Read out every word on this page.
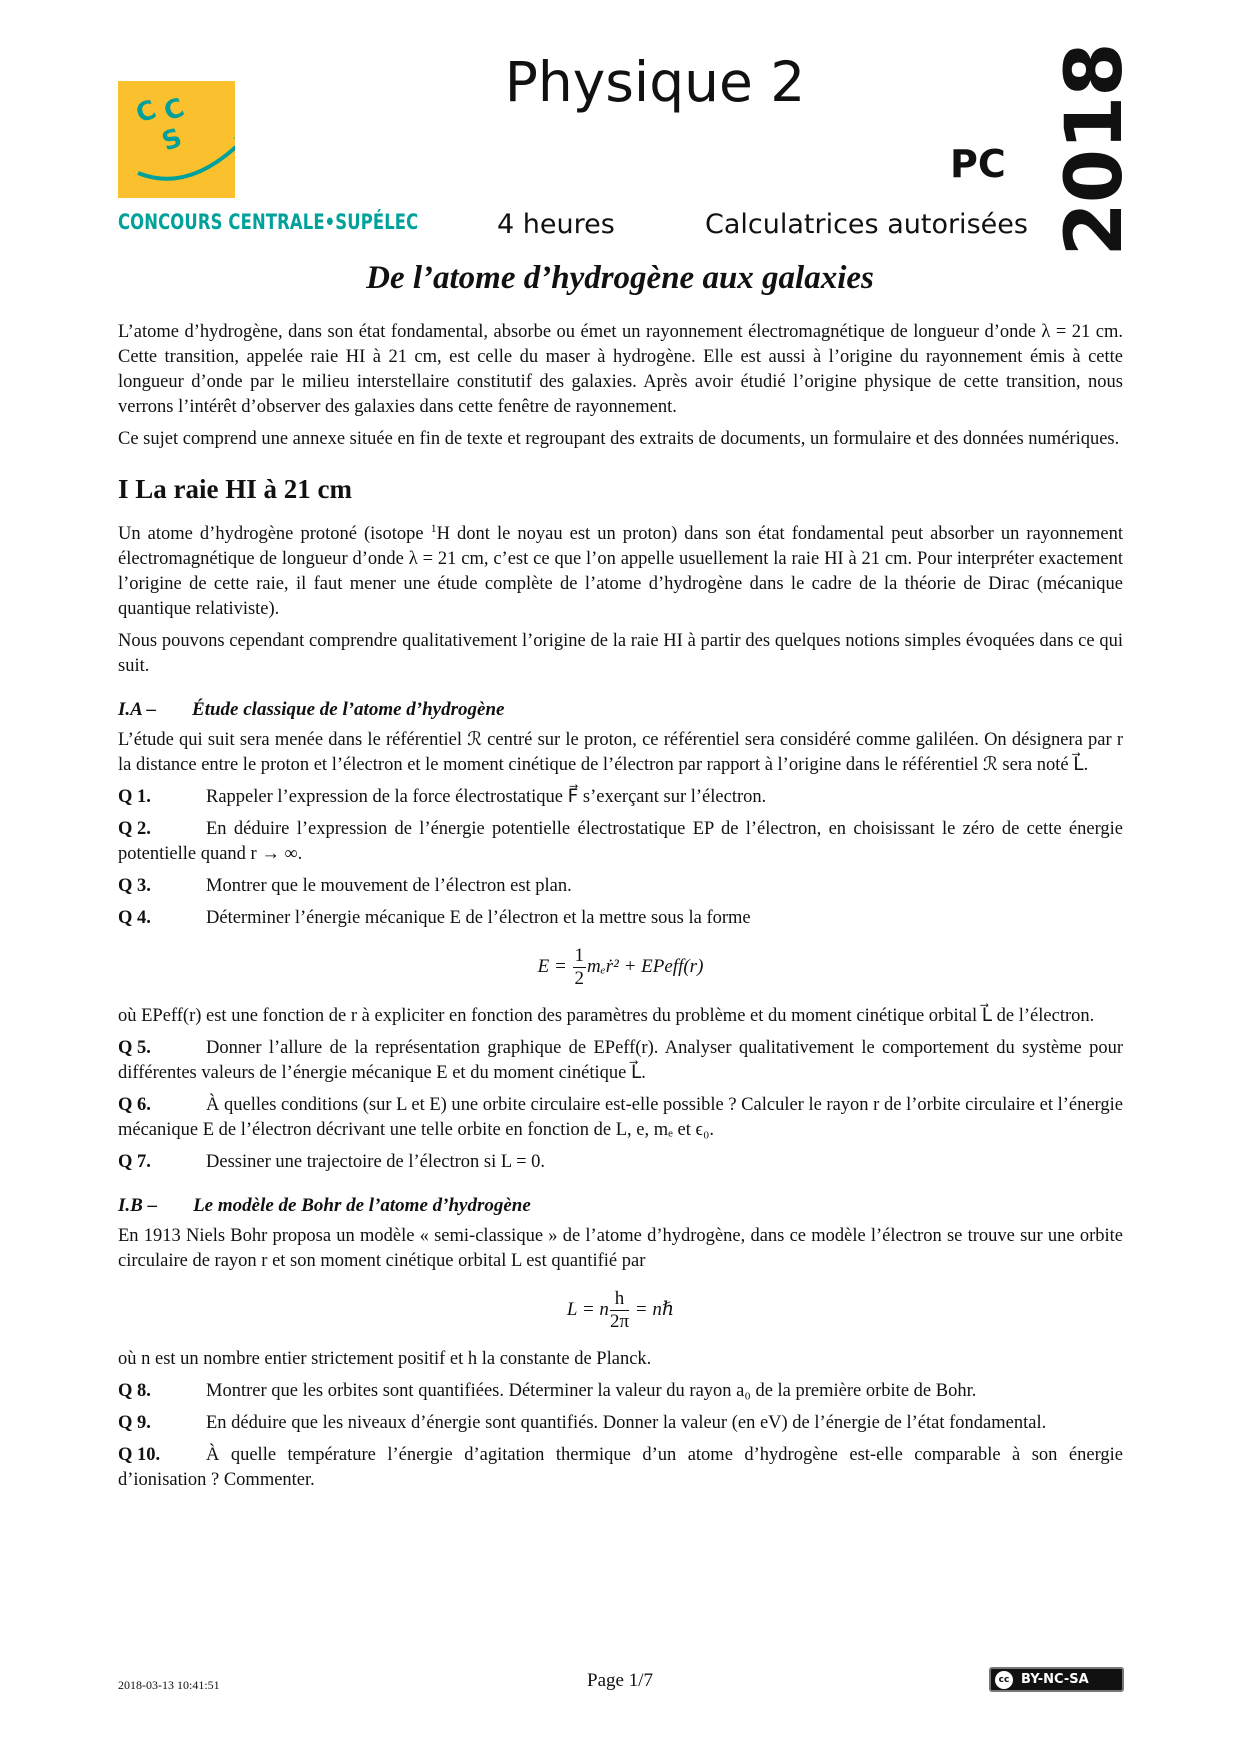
C C
S
CONCOURS CENTRALE•SUPÉLEC
Physique 2
PC 2018
4 heures	Calculatrices autorisées
De l’atome d’hydrogène aux galaxies

L’atome d’hydrogène, dans son état fondamental, absorbe ou émet un rayonnement électromagnétique de longueur d’onde λ = 21 cm. Cette transition, appelée raie HI à 21 cm, est celle du maser à hydrogène. Elle est aussi à l’origine du rayonnement émis à cette longueur d’onde par le milieu interstellaire constitutif des galaxies. Après avoir étudié l’origine physique de cette transition, nous verrons l’intérêt d’observer des galaxies dans cette fenêtre de rayonnement.

Ce sujet comprend une annexe située en fin de texte et regroupant des extraits de documents, un formulaire et des données numériques.

I La raie HI à 21 cm

Un atome d’hydrogène protoné (isotope $^1$H dont le noyau est un proton) dans son état fondamental peut absorber un rayonnement électromagnétique de longueur d’onde λ = 21 cm, c’est ce que l’on appelle usuellement la raie HI à 21 cm. Pour interpréter exactement l’origine de cette raie, il faut mener une étude complète de l’atome d’hydrogène dans le cadre de la théorie de Dirac (mécanique quantique relativiste).

Nous pouvons cependant comprendre qualitativement l’origine de la raie HI à partir des quelques notions simples évoquées dans ce qui suit.

I.A – Étude classique de l’atome d’hydrogène

L’étude qui suit sera menée dans le référentiel ℛ centré sur le proton, ce référentiel sera considéré comme galiléen. On désignera par r la distance entre le proton et l’électron et le moment cinétique de l’électron par rapport à l’origine dans le référentiel ℛ sera noté L⃗.

Q 1.	Rappeler l’expression de la force électrostatique F⃗ s’exerçant sur l’électron.
Q 2.	En déduire l’expression de l’énergie potentielle électrostatique EP de l’électron, en choisissant le zéro de cette énergie potentielle quand r → ∞.
Q 3.	Montrer que le mouvement de l’électron est plan.
Q 4.	Déterminer l’énergie mécanique E de l’électron et la mettre sous la forme
$E = \frac{1}{2}$ mₑṙ² + EPeff(r)

où EPeff(r) est une fonction de r à expliciter en fonction des paramètres du problème et du moment cinétique orbital L⃗ de l’électron.

Q 5.	Donner l’allure de la représentation graphique de EPeff(r). Analyser qualitativement le comportement du système pour différentes valeurs de l’énergie mécanique E et du moment cinétique L⃗.
Q 6.	À quelles conditions (sur L et E) une orbite circulaire est-elle possible ? Calculer le rayon r de l’orbite circulaire et l’énergie mécanique E de l’électron décrivant une telle orbite en fonction de L, e, mₑ et ϵ₀.
Q 7.	Dessiner une trajectoire de l’électron si L = 0.
I.B – Le modèle de Bohr de l’atome d’hydrogène

En 1913 Niels Bohr proposa un modèle « semi-classique » de l’atome d’hydrogène, dans ce modèle l’électron se trouve sur une orbite circulaire de rayon r et son moment cinétique orbital L est quantifié par

L = n $\frac{h}{2\pi}$ = nℏ

où n est un nombre entier strictement positif et h la constante de Planck.

Q 8.	Montrer que les orbites sont quantifiées. Déterminer la valeur du rayon a₀ de la première orbite de Bohr.
Q 9.	En déduire que les niveaux d’énergie sont quantifiés. Donner la valeur (en eV) de l’énergie de l’état fondamental.
Q 10. À quelle température l’énergie d’agitation thermique d’un atome d’hydrogène est-elle comparable à son énergie d’ionisation ? Commenter.
2018-03-13 10:41:51	Page 1/7	cc BY-NC-SA
